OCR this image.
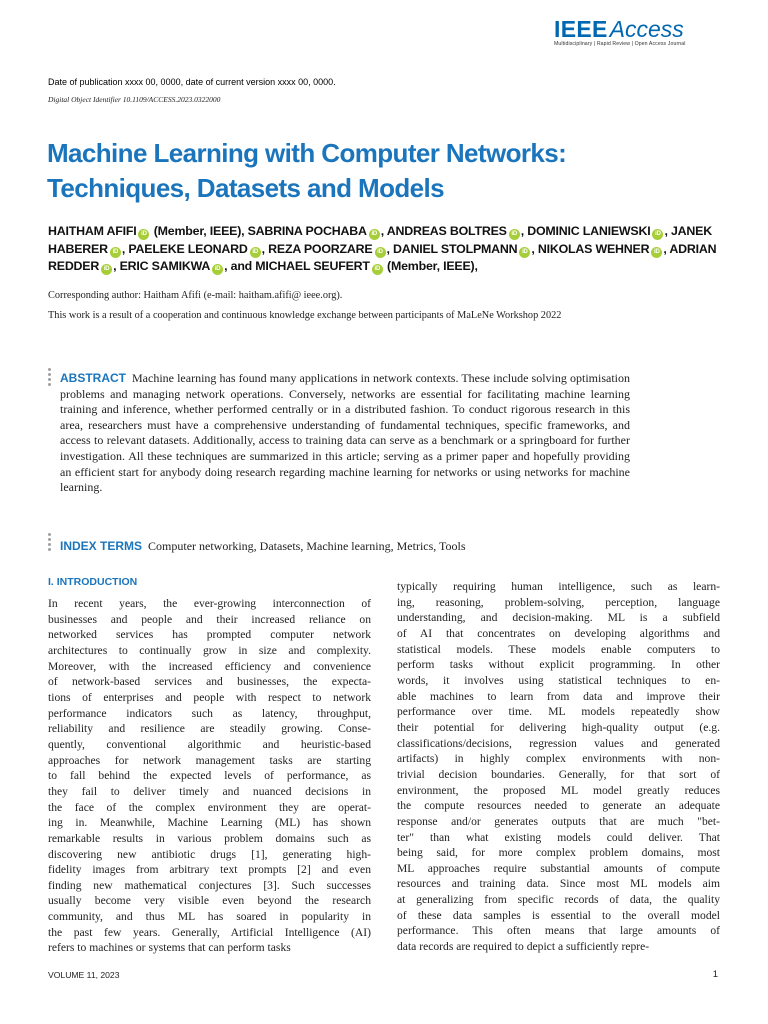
IEEEAccess
Multidisciplinary | Rapid Review | Open Access Journal
Date of publication xxxx 00, 0000, date of current version xxxx 00, 0000.
Digital Object Identifier 10.1109/ACCESS.2023.0322000
Machine Learning with Computer Networks:
Techniques, Datasets and Models
HAITHAM AFIFI iD (Member, IEEE), SABRINA POCHABA iD , ANDREAS BOLTRES iD , DOMINIC LANIEWSKI iD , JANEK HABERER iD , PAELEKE LEONARD iD , REZA POORZARE iD , DANIEL STOLPMANN iD , NIKOLAS WEHNER iD , ADRIAN REDDER iD , ERIC SAMIKWA iD , and MICHAEL SEUFERT iD (Member, IEEE),
Corresponding author: Haitham Afifi (e-mail: haitham.afifi@ ieee.org).
This work is a result of a cooperation and continuous knowledge exchange between participants of MaLeNe Workshop 2022
ABSTRACT Machine learning has found many applications in network contexts. These include solving optimisation problems and managing network operations. Conversely, networks are essential for facilitating machine learning training and inference, whether performed centrally or in a distributed fashion. To conduct rigorous research in this area, researchers must have a comprehensive understanding of fundamental techniques, specific frameworks, and access to relevant datasets. Additionally, access to training data can serve as a benchmark or a springboard for further investigation. All these techniques are summarized in this article; serving as a primer paper and hopefully providing an efficient start for anybody doing research regarding machine learning for networks or using networks for machine learning.
INDEX TERMS Computer networking, Datasets, Machine learning, Metrics, Tools
I. INTRODUCTION
In recent years, the ever-growing interconnection of
businesses and people and their increased reliance on
networked services has prompted computer network
architectures to continually grow in size and complexity.
Moreover, with the increased efficiency and convenience
of network-based services and businesses, the expecta-
tions of enterprises and people with respect to network
performance indicators such as latency, throughput,
reliability and resilience are steadily growing. Conse-
quently, conventional algorithmic and heuristic-based
approaches for network management tasks are starting
to fall behind the expected levels of performance, as
they fail to deliver timely and nuanced decisions in
the face of the complex environment they are operat-
ing in. Meanwhile, Machine Learning (ML) has shown
remarkable results in various problem domains such as
discovering new antibiotic drugs [1], generating high-
fidelity images from arbitrary text prompts [2] and even
finding new mathematical conjectures [3]. Such successes
usually become very visible even beyond the research
community, and thus ML has soared in popularity in
the past few years. Generally, Artificial Intelligence (AI)
refers to machines or systems that can perform tasks
typically requiring human intelligence, such as learn-
ing, reasoning, problem-solving, perception, language
understanding, and decision-making. ML is a subfield
of AI that concentrates on developing algorithms and
statistical models. These models enable computers to
perform tasks without explicit programming. In other
words, it involves using statistical techniques to en-
able machines to learn from data and improve their
performance over time. ML models repeatedly show
their potential for delivering high-quality output (e.g.
classifications/decisions, regression values and generated
artifacts) in highly complex environments with non-
trivial decision boundaries. Generally, for that sort of
environment, the proposed ML model greatly reduces
the compute resources needed to generate an adequate
response and/or generates outputs that are much "bet-
ter" than what existing models could deliver. That
being said, for more complex problem domains, most
ML approaches require substantial amounts of compute
resources and training data. Since most ML models aim
at generalizing from specific records of data, the quality
of these data samples is essential to the overall model
performance. This often means that large amounts of
data records are required to depict a sufficiently repre-
VOLUME 11, 2023	1
